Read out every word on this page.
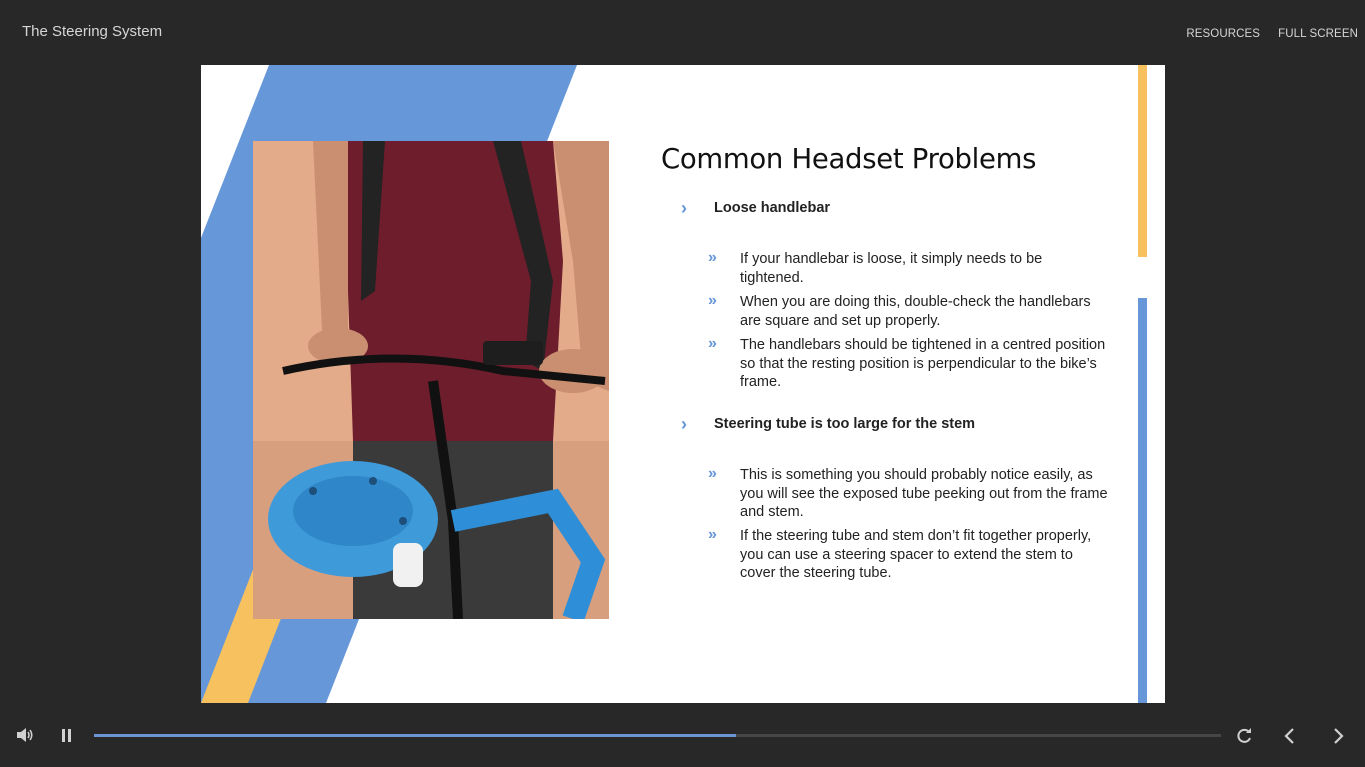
The Steering System	RESOURCES FULL SCREEN
Common Headset Problems
›	Loose handlebar
»	If your handlebar is loose, it simply needs to be tightened.
»	When you are doing this, double-check the handlebars are square and set up properly.
»	The handlebars should be tightened in a centred position so that the resting position is perpendicular to the bike’s frame.
›	Steering tube is too large for the stem
»	This is something you should probably notice easily, as you will see the exposed tube peeking out from the frame and stem.
»	If the steering tube and stem don’t fit together properly, you can use a steering spacer to extend the stem to cover the steering tube.
